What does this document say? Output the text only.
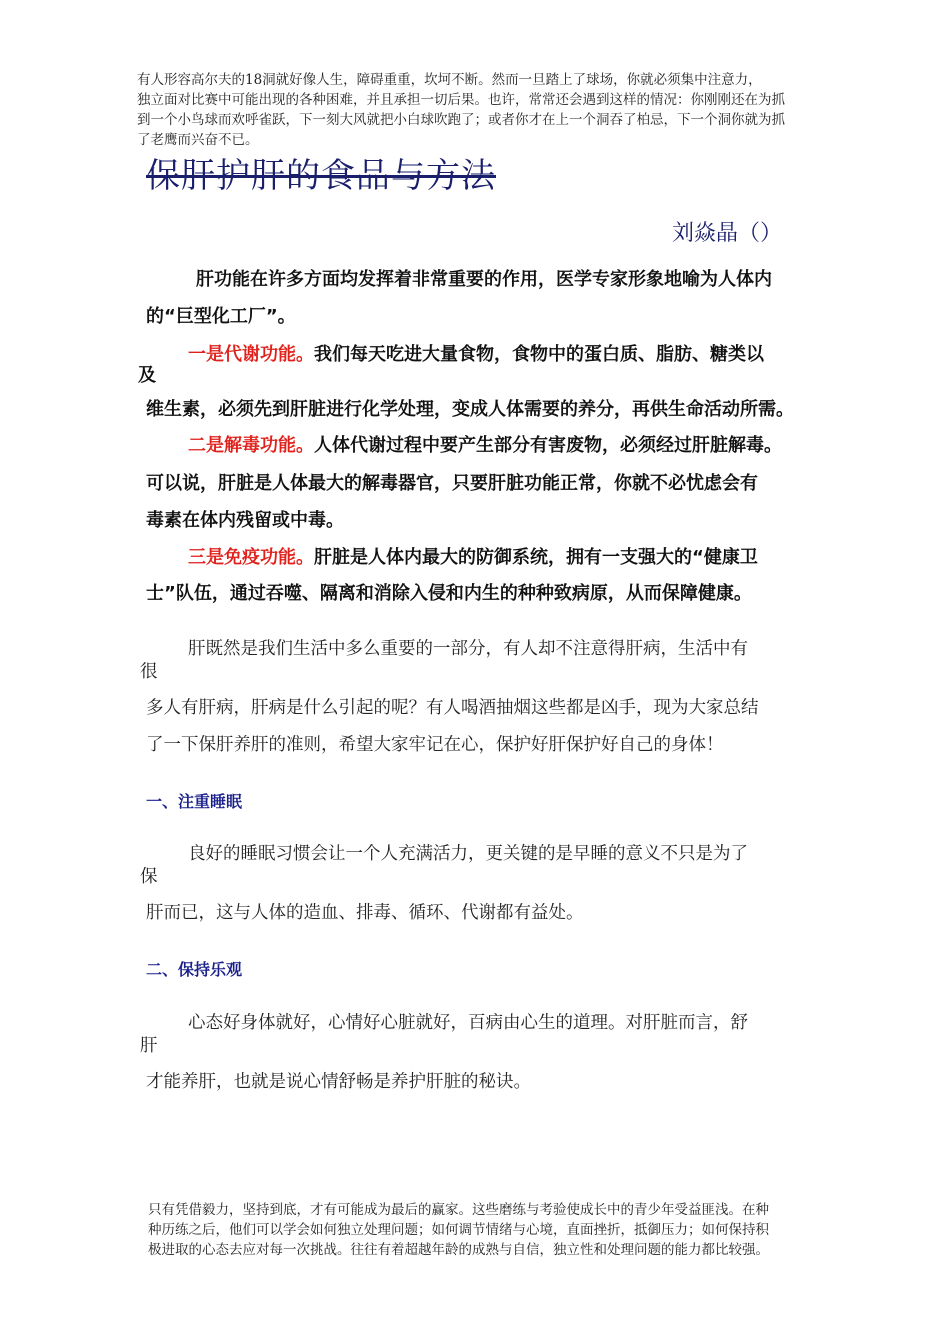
有人形容高尔夫的18洞就好像人生，障碍重重，坎坷不断。然而一旦踏上了球场，你就必须集中注意力，
独立面对比赛中可能出现的各种困难，并且承担一切后果。也许，常常还会遇到这样的情况：你刚刚还在为抓
到一个小鸟球而欢呼雀跃，下一刻大风就把小白球吹跑了；或者你才在上一个洞吞了柏忌，下一个洞你就为抓
了老鹰而兴奋不已。
保肝护肝的食品与方法
刘焱晶（）
肝功能在许多方面均发挥着非常重要的作用，医学专家形象地喻为人体内
的“巨型化工厂”。
一是代谢功能。我们每天吃进大量食物，食物中的蛋白质、脂肪、糖类以
及
维生素，必须先到肝脏进行化学处理，变成人体需要的养分，再供生命活动所需。
二是解毒功能。人体代谢过程中要产生部分有害废物，必须经过肝脏解毒。
可以说，肝脏是人体最大的解毒器官，只要肝脏功能正常，你就不必忧虑会有
毒素在体内残留或中毒。
三是免疫功能。肝脏是人体内最大的防御系统，拥有一支强大的“健康卫
士”队伍，通过吞噬、隔离和消除入侵和内生的种种致病原，从而保障健康。
肝既然是我们生活中多么重要的一部分，有人却不注意得肝病，生活中有
很
多人有肝病，肝病是什么引起的呢？有人喝酒抽烟这些都是凶手，现为大家总结
了一下保肝养肝的准则，希望大家牢记在心，保护好肝保护好自己的身体！
一、注重睡眠
良好的睡眠习惯会让一个人充满活力，更关键的是早睡的意义不只是为了
保
肝而已，这与人体的造血、排毒、循环、代谢都有益处。
二、保持乐观
心态好身体就好，心情好心脏就好，百病由心生的道理。对肝脏而言，舒
肝
才能养肝，也就是说心情舒畅是养护肝脏的秘诀。
只有凭借毅力，坚持到底，才有可能成为最后的赢家。这些磨练与考验使成长中的青少年受益匪浅。在种
种历练之后，他们可以学会如何独立处理问题；如何调节情绪与心境，直面挫折，抵御压力；如何保持积
极进取的心态去应对每一次挑战。往往有着超越年龄的成熟与自信，独立性和处理问题的能力都比较强。
